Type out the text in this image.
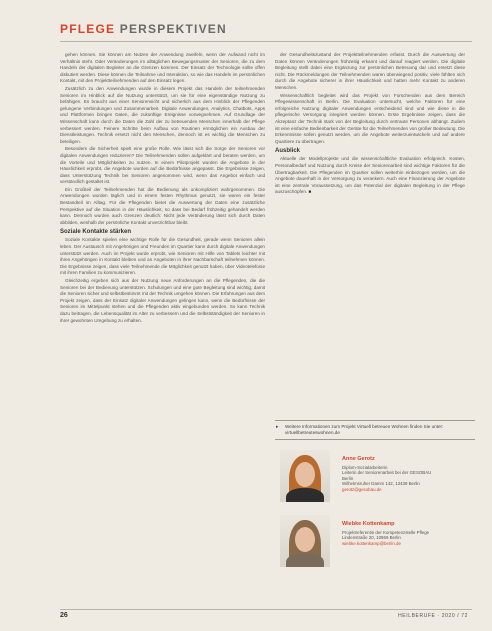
PFLEGE PERSPEKTIVEN

gehen können. Sie können am Nutzen der Anwendung zweifeln, wenn der Aufwand nicht im Verhältnis steht. Oder Veränderungen im alltäglichen Bewegungsmuster der Senioren, die zu dem Handeln der digitalen Begleiter an die Grenzen kommen. Der Einsatz der Technologie sollte offen diskutiert werden. Diese können die Teilnahme und Interaktion, so wie das Handeln im persönlichen Kontakt, mit den Projektteilnehmenden auf den Einsatz legen.

Zusätzlich zu den Anwendungen wurde in diesem Projekt das Handeln der teilnehmenden Senioren im Hinblick auf die Nutzung unterstützt, um sie für eine eigenständige Nutzung zu befähigen. Es braucht aus einer Seniorensicht und sicherlich aus dem Hinblick der Pflegenden gelungene Verbindungen und Zusammenarbeit. Digitale Anwendungen, Analytics, Chatbots, Apps und Plattformen bringen Daten, die zukünftige Ereignisse vorwegnehmen. Auf Grundlage der Wissenschaft kann durch die Daten die Zahl der zu betreuenden Menschen innerhalb der Pflege verbessert werden. Feinere Schritte beim Aufbau von Routinen ermöglichen ein Ausbau der Dienstleistungen. Technik ersetzt nicht den Menschen, dennoch ist es wichtig die Menschen zu beteiligen.

Besonders die Sicherheit spielt eine große Rolle. Wie lässt sich die Sorge der Senioren vor digitalen Anwendungen reduzieren? Die Teilnehmenden sollen aufgeklärt und beraten werden, um die Vorteile und Möglichkeiten zu nutzen. In einem Pilotprojekt wurden die Angebote in der Häuslichkeit erprobt, die Angebote wurden auf die Bedürfnisse angepasst. Die Ergebnisse zeigen, dass Unterstützung Technik bei Senioren angenommen wird, wenn das Angebot einfach und verständlich gestaltet ist.

Ein Großteil der Teilnehmenden hat die Bedienung als unkompliziert wahrgenommen. Die Anwendungen wurden täglich und in einem festen Rhythmus genutzt, sie waren ein fester Bestandteil im Alltag. Für die Pflegenden bietet die Auswertung der Daten eine zusätzliche Perspektive auf die Situation in der Häuslichkeit, so dass bei Bedarf frühzeitig gehandelt werden kann. Dennoch wurden auch Grenzen deutlich: Nicht jede Veränderung lässt sich durch Daten abbilden, weshalb der persönliche Kontakt unverzichtbar bleibt.

Soziale Kontakte stärken

Soziale Kontakte spielen eine wichtige Rolle für die Gesundheit, gerade wenn Senioren allein leben. Der Austausch mit Angehörigen und Freunden im Quartier kann durch digitale Anwendungen unterstützt werden. Auch im Projekt wurde erprobt, wie Senioren mit Hilfe von Tablets leichter mit ihren Angehörigen in Kontakt bleiben und an Angeboten in ihrer Nachbarschaft teilnehmen können. Die Ergebnisse zeigen, dass viele Teilnehmende die Möglichkeit genutzt haben, über Videotelefonie mit ihren Familien zu kommunizieren.

Gleichzeitig ergeben sich aus der Nutzung neue Anforderungen an die Pflegenden, die die Senioren bei der Bedienung unterstützen. Schulungen und eine gute Begleitung sind wichtig, damit die Senioren sicher und selbstbestimmt mit der Technik umgehen können. Die Erfahrungen aus dem Projekt zeigen, dass der Einsatz digitaler Anwendungen gelingen kann, wenn die Bedürfnisse der Senioren im Mittelpunkt stehen und die Pflegenden aktiv eingebunden werden. So kann Technik dazu beitragen, die Lebensqualität im Alter zu verbessern und die Selbstständigkeit der Senioren in ihrer gewohnten Umgebung zu erhalten.

der Gesundheitszustand der Projektteilnehmenden erfasst. Durch die Auswertung der Daten können Veränderungen frühzeitig erkannt und darauf reagiert werden. Die digitale Begleitung stellt dabei eine Ergänzung zur persönlichen Betreuung dar und ersetzt diese nicht. Die Rückmeldungen der Teilnehmenden waren überwiegend positiv, viele fühlten sich durch die Angebote sicherer in ihrer Häuslichkeit und hatten mehr Kontakt zu anderen Menschen.

Wissenschaftlich begleitet wird das Projekt von Forschenden aus dem Bereich Pflegewissenschaft in Berlin. Die Evaluation untersucht, welche Faktoren für eine erfolgreiche Nutzung digitaler Anwendungen entscheidend sind und wie diese in die pflegerische Versorgung integriert werden können. Erste Ergebnisse zeigen, dass die Akzeptanz der Technik stark von der Begleitung durch vertraute Personen abhängt. Zudem ist eine einfache Bedienbarkeit der Geräte für die Teilnehmenden von großer Bedeutung. Die Erkenntnisse sollen genutzt werden, um die Angebote weiterzuentwickeln und auf andere Quartiere zu übertragen.

Ausblick

Aktuelle der Modellprojekte und die wissenschaftliche Evaluation erfolgreich. Kosten, Personalbedarf und Nutzung durch Kreise der Seniorenarbeit sind wichtige Faktoren für die Übertragbarkeit. Die Pflegenden im Quartier sollen weiterhin einbezogen werden, um die Angebote dauerhaft in der Versorgung zu verankern. Auch eine Finanzierung der Angebote ist eine zentrale Voraussetzung, um das Potenzial der digitalen Begleitung in der Pflege auszuschöpfen. ■

▸ Weitere Informationen zum Projekt Virtuell betreuen Wohnen finden Sie unter: virtuellbetreuteswohnen.de
Anne Gerotz
Diplom-Sozialarbeiterin
Leiterin der Seniorenarbeit bei der GESOBAU
Berlin
Wilhelmsruher Damm 142, 13439 Berlin
gerotz@gesobau.de
Wiebke Kottenkamp
Projektreferentin der Kompetenzstelle Pflege
Lindenstraße 20, 10969 Berlin
wiebke.kottenkamp@berlin.de
26	HEILBERUFE · 2020 / 72
